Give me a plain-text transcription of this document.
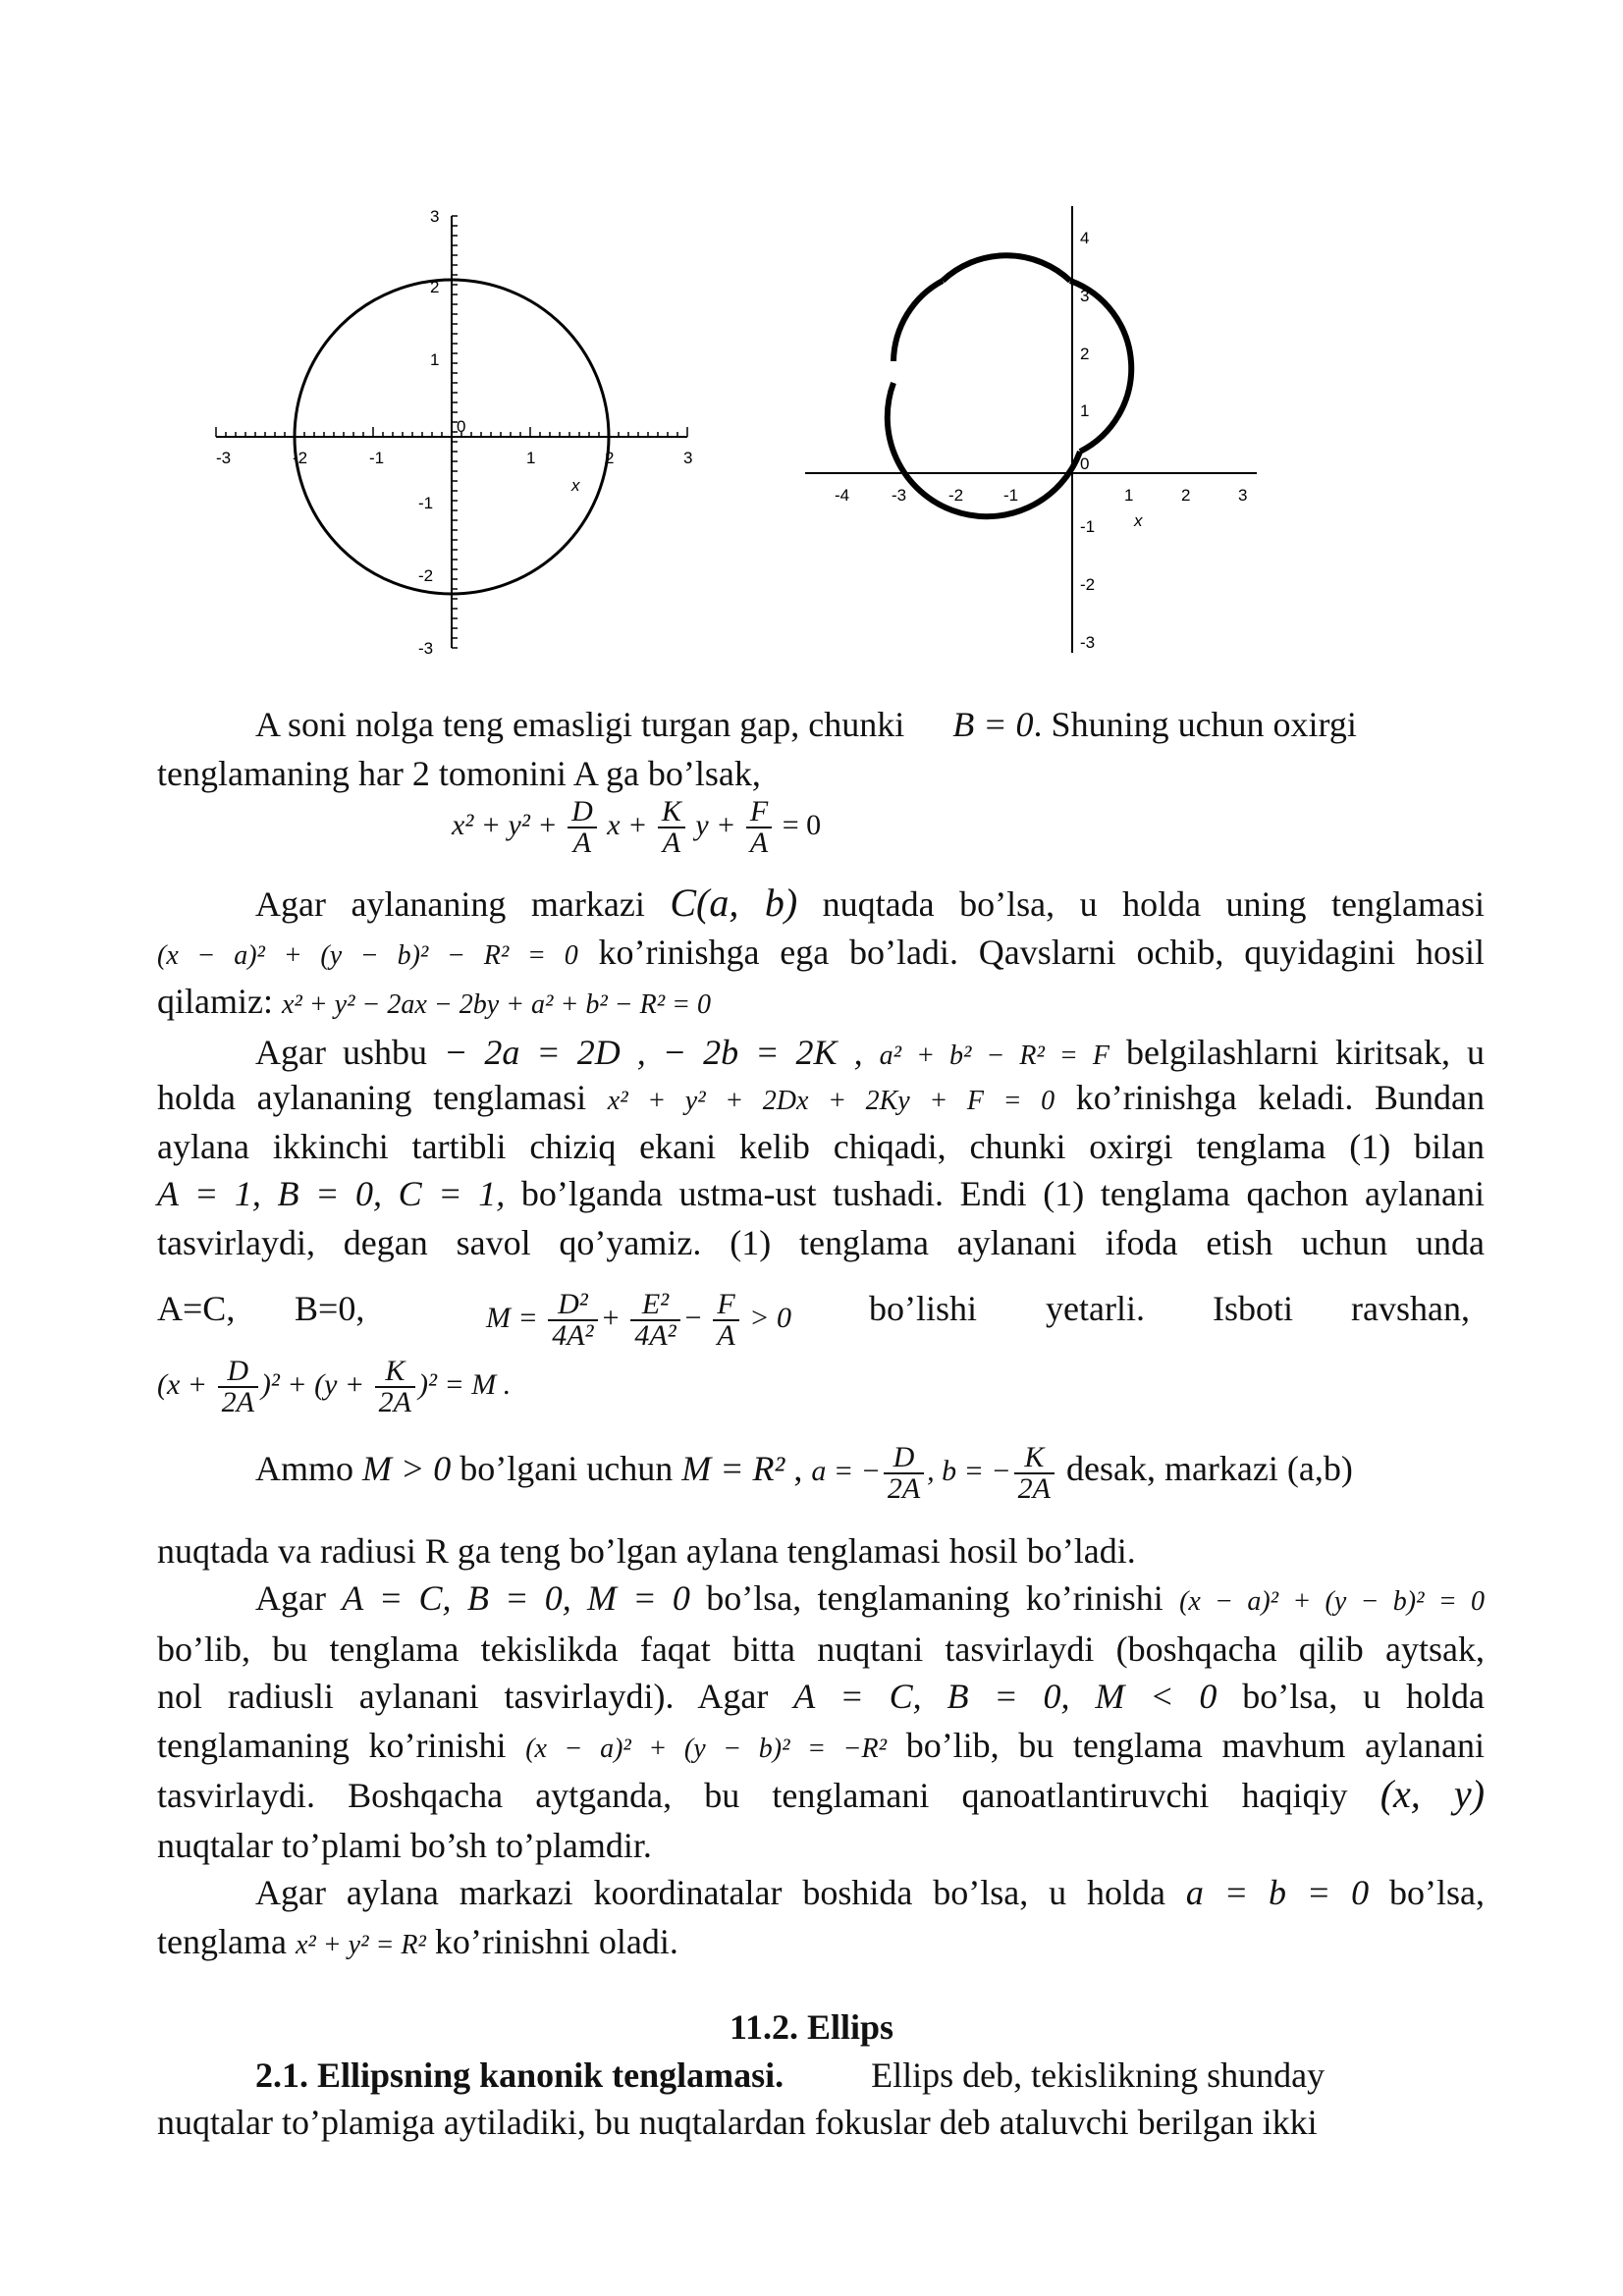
-3	-2	-1
0
1	2	3
x
3
2
1
-1
-2
-3
-4	-3	-2 -1
0
1	2	3
x
4
3
2
1
-1
-2
-3
A soni nolga teng emasligi turgan gap, chunki B = 0. Shuning uchun oxirgi
tenglamaning har 2 tomonini A ga bo’lsak,
$x^2 + y^2 + \frac{D}{A}$ $x + \frac{K}{A}$ $y + \frac{F}{A} = 0$
Agar aylananing markazi C(a, b) nuqtada bo’lsa, u holda uning tenglamasi
(x − a)² + (y − b)² − R² = 0 ko’rinishga ega bo’ladi. Qavslarni ochib, quyidagini hosil
qilamiz: x² + y² − 2ax − 2by + a² + b² − R² = 0
Agar ushbu − 2a = 2D , − 2b = 2K , a² + b² − R² = F belgilashlarni kiritsak, u
holda aylananing tenglamasi x² + y² + 2Dx + 2Ky + F = 0 ko’rinishga keladi. Bundan
aylana ikkinchi tartibli chiziq ekani kelib chiqadi, chunki oxirgi tenglama (1) bilan
A = 1, B = 0, C = 1, bo’lganda ustma-ust tushadi. Endi (1) tenglama qachon aylanani
tasvirlaydi, degan savol qo’yamiz. (1) tenglama aylanani ifoda etish uchun unda
A=C, B=0,	$M = \frac{\text{D²}}{\text{4A²}} + \frac{\text{E²}}{\text{4A²}} - \frac{F}{A} > 0$ bo’lishi yetarli. Isboti ravshan,
$(x + \frac{D}{2A} )^2 + (y + \frac{K}{2A} )^2 = M$ .
Ammo M > 0 bo’lgani uchun M = R² , a = − $\frac{D}{2A}$ , b = − $\frac{K}{2A}$ desak, markazi (a,b)
nuqtada va radiusi R ga teng bo’lgan aylana tenglamasi hosil bo’ladi.
Agar A = C, B = 0, M = 0 bo’lsa, tenglamaning ko’rinishi (x − a)² + (y − b)² = 0
bo’lib, bu tenglama tekislikda faqat bitta nuqtani tasvirlaydi (boshqacha qilib aytsak,
nol radiusli aylanani tasvirlaydi). Agar A = C, B = 0, M < 0 bo’lsa, u holda
tenglamaning ko’rinishi (x − a)² + (y − b)² = −R² bo’lib, bu tenglama mavhum aylanani
tasvirlaydi. Boshqacha aytganda, bu tenglamani qanoatlantiruvchi haqiqiy (x, y)
nuqtalar to’plami bo’sh to’plamdir.
Agar aylana markazi koordinatalar boshida bo’lsa, u holda a = b = 0 bo’lsa,
tenglama x² + y² = R² ko’rinishni oladi.
11.2. Ellips
2.1. Ellipsning kanonik tenglamasi. Ellips deb, tekislikning shunday
nuqtalar to’plamiga aytiladiki, bu nuqtalardan fokuslar deb ataluvchi berilgan ikki
